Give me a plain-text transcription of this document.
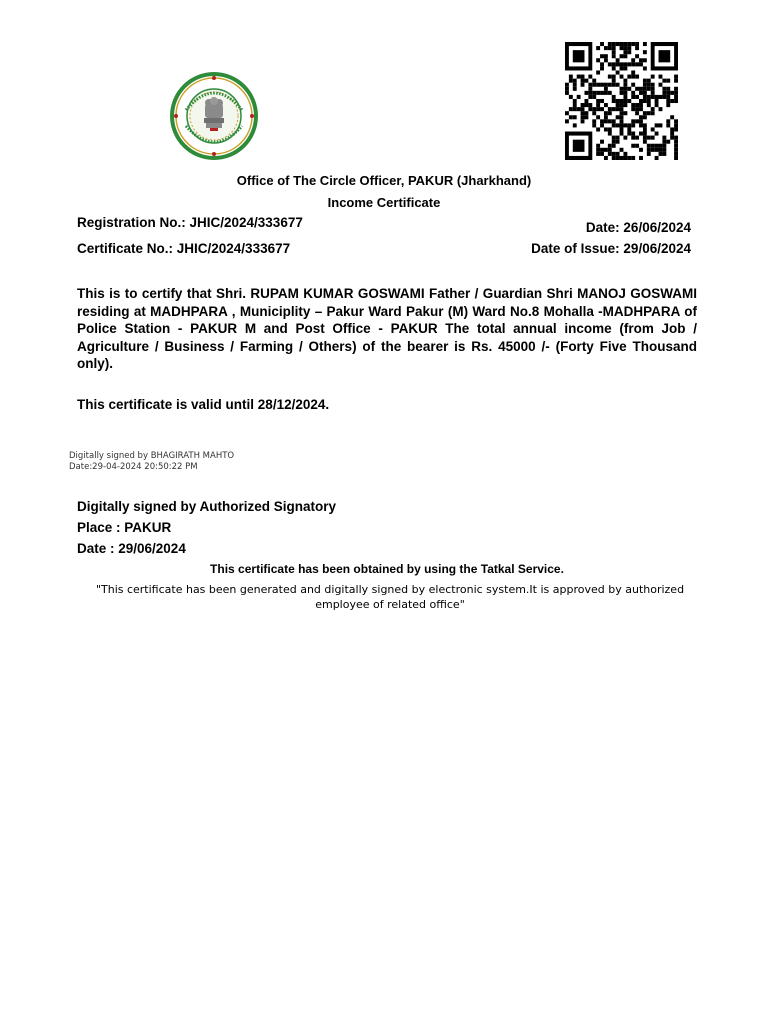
Office of The Circle Officer, PAKUR (Jharkhand)
Income Certificate
Registration No.: JHIC/2024/333677	Date: 26/06/2024
Certificate No.: JHIC/2024/333677	Date of Issue: 29/06/2024
This is to certify that Shri. RUPAM KUMAR GOSWAMI Father / Guardian Shri MANOJ GOSWAMI residing at MADHPARA , Municiplity – Pakur Ward Pakur (M) Ward No.8 Mohalla -MADHPARA of Police Station - PAKUR M and Post Office - PAKUR The total annual income (from Job / Agriculture / Business / Farming / Others) of the bearer is Rs. 45000 /- (Forty Five Thousand only).
This certificate is valid until 28/12/2024.
Digitally signed by BHAGIRATH MAHTO
Date:29-04-2024 20:50:22 PM
Digitally signed by Authorized Signatory
Place : PAKUR
Date : 29/06/2024
This certificate has been obtained by using the Tatkal Service.
"This certificate has been generated and digitally signed by electronic system.It is approved by authorized employee of related office"
